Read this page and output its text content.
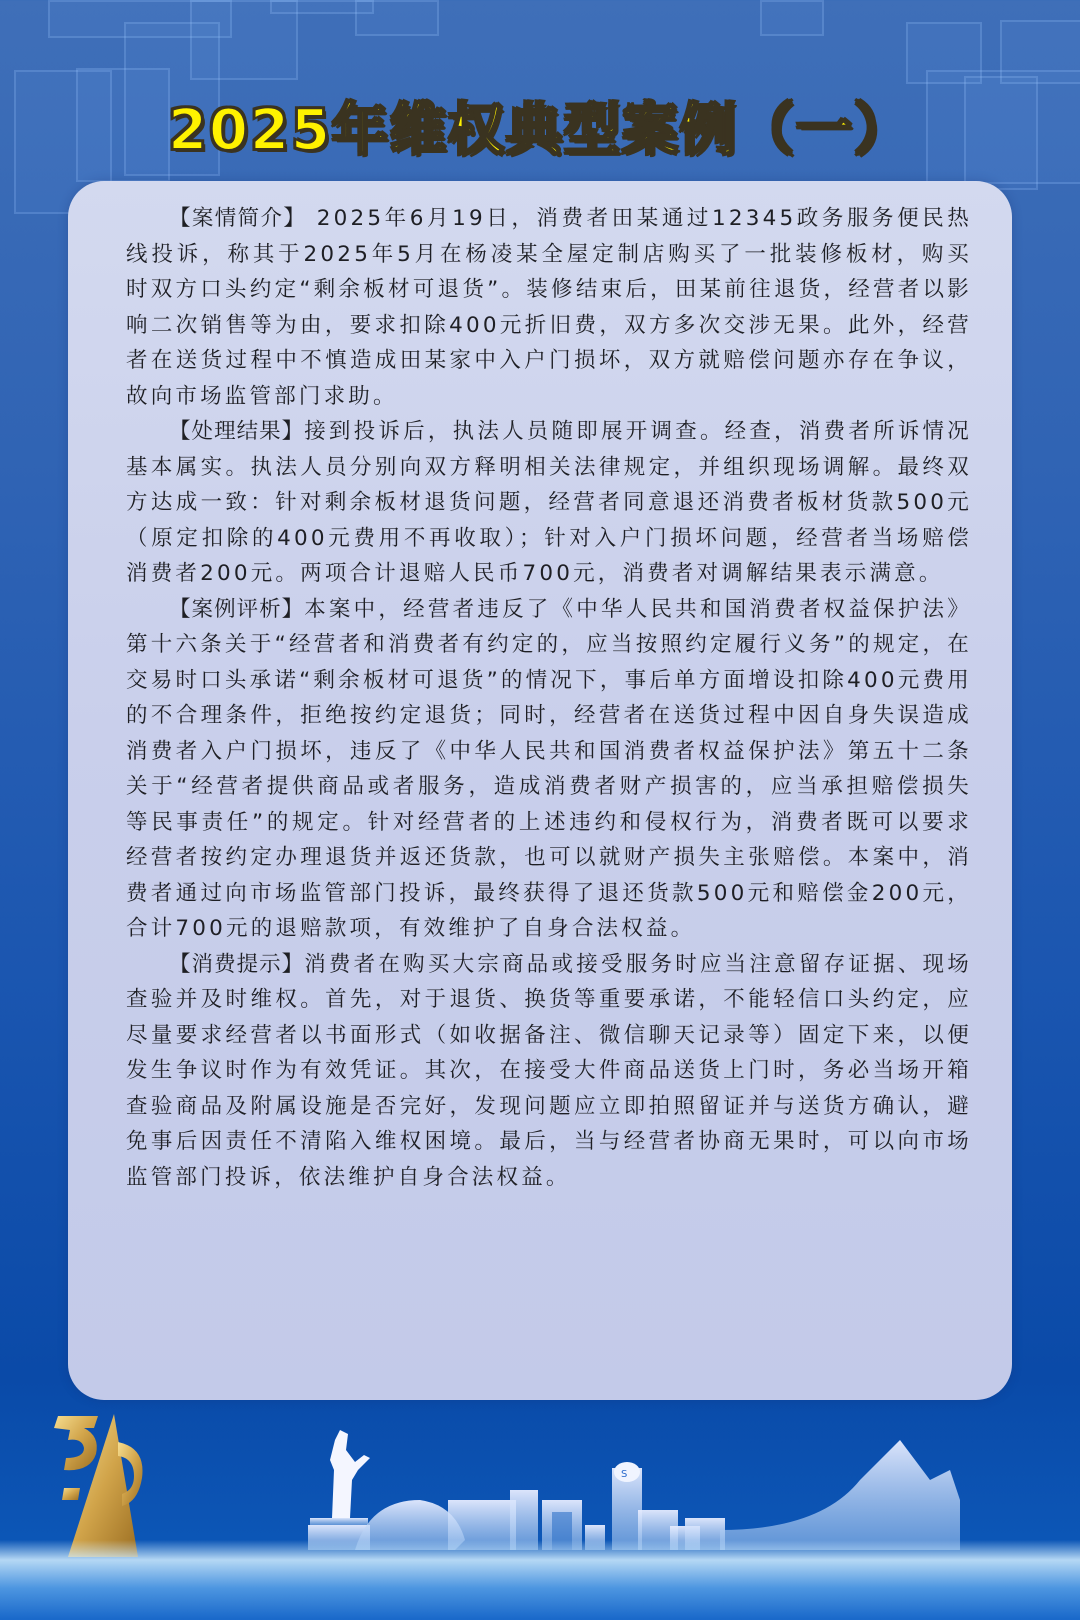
2025年维权典型案例（一）

【案情简介】 2025年6月19日，消费者田某通过12345政务服务便民热线投诉，称其于2025年5月在杨凌某全屋定制店购买了一批装修板材，购买时双方口头约定“剩余板材可退货”。装修结束后，田某前往退货，经营者以影响二次销售等为由，要求扣除400元折旧费，双方多次交涉无果。此外，经营者在送货过程中不慎造成田某家中入户门损坏，双方就赔偿问题亦存在争议，故向市场监管部门求助。

【处理结果】接到投诉后，执法人员随即展开调查。经查，消费者所诉情况基本属实。执法人员分别向双方释明相关法律规定，并组织现场调解。最终双方达成一致：针对剩余板材退货问题，经营者同意退还消费者板材货款500元（原定扣除的400元费用不再收取）；针对入户门损坏问题，经营者当场赔偿消费者200元。两项合计退赔人民币700元，消费者对调解结果表示满意。

【案例评析】本案中，经营者违反了《中华人民共和国消费者权益保护法》第十六条关于“经营者和消费者有约定的，应当按照约定履行义务”的规定，在交易时口头承诺“剩余板材可退货”的情况下，事后单方面增设扣除400元费用的不合理条件，拒绝按约定退货；同时，经营者在送货过程中因自身失误造成消费者入户门损坏，违反了《中华人民共和国消费者权益保护法》第五十二条关于“经营者提供商品或者服务，造成消费者财产损害的，应当承担赔偿损失等民事责任”的规定。针对经营者的上述违约和侵权行为，消费者既可以要求经营者按约定办理退货并返还货款，也可以就财产损失主张赔偿。本案中，消费者通过向市场监管部门投诉，最终获得了退还货款500元和赔偿金200元，合计700元的退赔款项，有效维护了自身合法权益。

【消费提示】消费者在购买大宗商品或接受服务时应当注意留存证据、现场查验并及时维权。首先，对于退货、换货等重要承诺，不能轻信口头约定，应尽量要求经营者以书面形式（如收据备注、微信聊天记录等）固定下来，以便发生争议时作为有效凭证。其次，在接受大件商品送货上门时，务必当场开箱查验商品及附属设施是否完好，发现问题应立即拍照留证并与送货方确认，避免事后因责任不清陷入维权困境。最后，当与经营者协商无果时，可以向市场监管部门投诉，依法维护自身合法权益。

S
